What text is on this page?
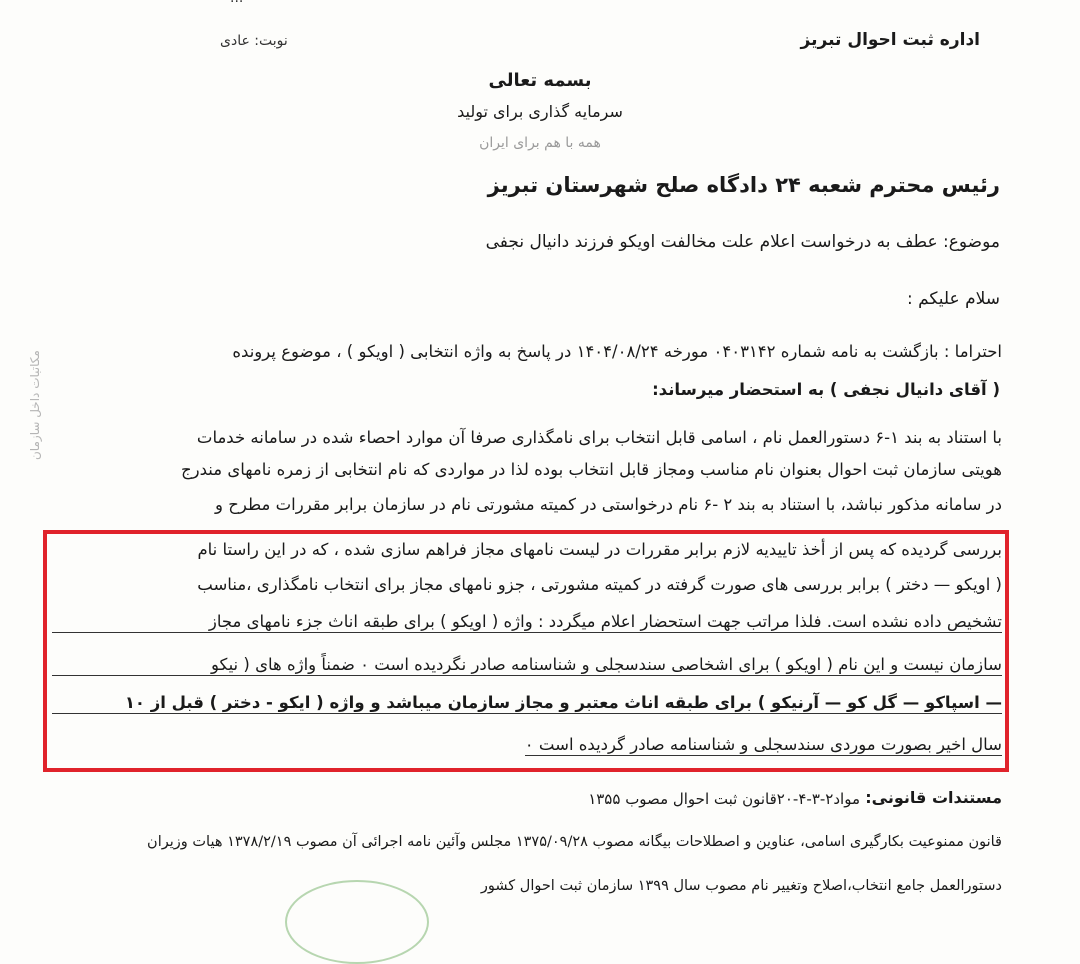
اداره ثبت احوال تبریز
نوبت: عادی
بسمه تعالی
سرمایه گذاری برای تولید
همه با هم برای ایران
رئیس محترم شعبه ۲۴ دادگاه صلح شهرستان تبریز
موضوع: عطف به درخواست اعلام علت مخالفت اویکو فرزند دانیال نجفی
سلام علیکم :
احتراما : بازگشت به نامه شماره ۰۴۰۳۱۴۲ مورخه ۱۴۰۴/۰۸/۲۴ در پاسخ به واژه انتخابی ( اویکو ) ، موضوع پرونده
( آقای دانیال نجفی ) به استحضار میرساند:
با استناد به بند ۱-۶ دستورالعمل نام ، اسامی قابل انتخاب برای نامگذاری صرفا آن موارد احصاء شده در سامانه خدمات
هویتی سازمان ثبت احوال بعنوان نام مناسب ومجاز قابل انتخاب بوده لذا در مواردی که نام انتخابی از زمره نامهای مندرج
در سامانه مذکور نباشد، با استناد به بند ۲ -۶ نام درخواستی در کمیته مشورتی نام در سازمان برابر مقررات مطرح و
بررسی گردیده که پس از أخذ تاییدیه لازم برابر مقررات در لیست نامهای مجاز فراهم سازی شده ، که در این راستا نام
( اویکو — دختر ) برابر بررسی های صورت گرفته در کمیته مشورتی ، جزو نامهای مجاز برای انتخاب نامگذاری ،مناسب
تشخیص داده نشده است. فلذا مراتب جهت استحضار اعلام میگردد : واژه ( اویکو ) برای طبقه اناث جزء نامهای مجاز
سازمان نیست و این نام ( اویکو ) برای اشخاصی سندسجلی و شناسنامه صادر نگردیده است ۰ ضمناً واژه های ( نیکو
— اسپاکو — گل کو — آرنیکو ) برای طبقه اناث معتبر و مجاز سازمان میباشد و واژه ( ایکو - دختر ) قبل از ۱۰
سال اخیر بصورت موردی سندسجلی و شناسنامه صادر گردیده است ۰
مکاتبات داخل سازمان
مستندات قانونی:
مواد۲-۳-۴-۲۰قانون ثبت احوال مصوب ۱۳۵۵
قانون ممنوعیت بکارگیری اسامی، عناوین و اصطلاحات بیگانه مصوب ۱۳۷۵/۰۹/۲۸ مجلس وآئین نامه اجرائی آن مصوب ۱۳۷۸/۲/۱۹ هیات وزیران
دستورالعمل جامع انتخاب،اصلاح وتغییر نام مصوب سال ۱۳۹۹ سازمان ثبت احوال کشور
